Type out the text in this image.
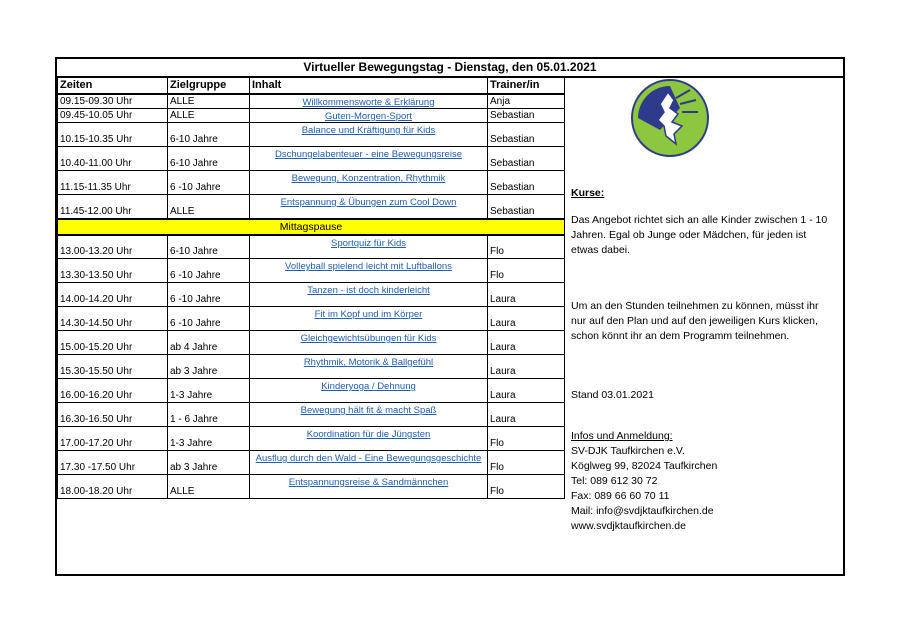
Virtueller Bewegungstag - Dienstag, den 05.01.2021
Zeiten	Zielgruppe	Inhalt	Trainer/in
09.15-09.30 Uhr	ALLE	Willkommensworte & Erklärung	Anja
09.45-10.05 Uhr	ALLE	Guten-Morgen-Sport	Sebastian
10.15-10.35 Uhr	6-10 Jahre	Balance und Kräftigung für Kids	Sebastian
10.40-11.00 Uhr	6-10 Jahre	Dschungelabenteuer - eine Bewegungsreise	Sebastian
11.15-11.35 Uhr	6 -10 Jahre	Bewegung, Konzentration, Rhythmik	Sebastian
11.45-12.00 Uhr	ALLE	Entspannung & Übungen zum Cool Down	Sebastian
Mittagspause			
13.00-13.20 Uhr	6-10 Jahre	Sportquiz für Kids	Flo
13.30-13.50 Uhr	6 -10 Jahre	Volleyball spielend leicht mit Luftballons	Flo
14.00-14.20 Uhr	6 -10 Jahre	Tanzen - ist doch kinderleicht	Laura
14.30-14.50 Uhr	6 -10 Jahre	Fit im Kopf und im Körper	Laura
15.00-15.20 Uhr	ab 4 Jahre	Gleichgewichtsübungen für Kids	Laura
15.30-15.50 Uhr	ab 3 Jahre	Rhythmik, Motorik & Ballgefühl	Laura
16.00-16.20 Uhr	1-3 Jahre	Kinderyoga / Dehnung	Laura
16.30-16.50 Uhr	1 - 6 Jahre	Bewegung hält fit & macht Spaß	Laura
17.00-17.20 Uhr	1-3 Jahre	Koordination für die Jüngsten	Flo
17.30 -17.50 Uhr	ab 3 Jahre	Ausflug durch den Wald - Eine Bewegungsgeschichte	Flo
18.00-18.20 Uhr	ALLE	Entspannungsreise & Sandmännchen	Flo
Kurse:
Das Angebot richtet sich an alle Kinder zwischen 1 - 10
Jahren. Egal ob Junge oder Mädchen, für jeden ist
etwas dabei.
Um an den Stunden teilnehmen zu können, müsst ihr
nur auf den Plan und auf den jeweiligen Kurs klicken,
schon könnt ihr an dem Programm teilnehmen.
Stand 03.01.2021
Infos und Anmeldung:
SV-DJK Taufkirchen e.V.
Köglweg 99, 82024 Taufkirchen
Tel: 089 612 30 72
Fax: 089 66 60 70 11
Mail: info@svdjktaufkirchen.de
www.svdjktaufkirchen.de
